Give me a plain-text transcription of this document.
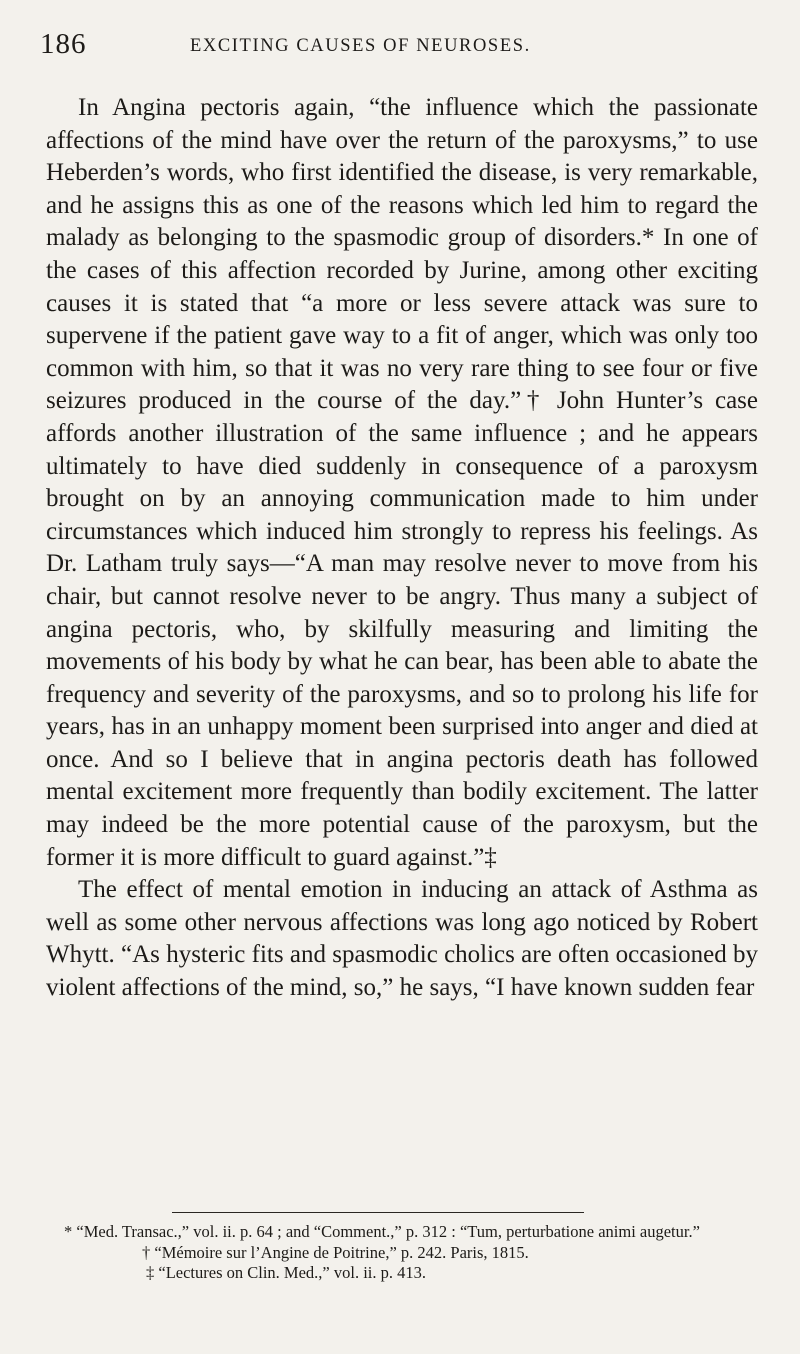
186	EXCITING CAUSES OF NEUROSES.

In Angina pectoris again, “the influence which the passionate affections of the mind have over the return of the paroxysms,” to use Heberden’s words, who first identified the disease, is very remarkable, and he assigns this as one of the reasons which led him to regard the malady as belonging to the spasmodic group of disorders.* In one of the cases of this affection recorded by Jurine, among other exciting causes it is stated that “a more or less severe attack was sure to supervene if the patient gave way to a fit of anger, which was only too common with him, so that it was no very rare thing to see four or five seizures produced in the course of the day.”† John Hunter’s case affords another illustration of the same influence ; and he appears ultimately to have died suddenly in consequence of a paroxysm brought on by an annoying communication made to him under circumstances which induced him strongly to repress his feelings. As Dr. Latham truly says—“A man may resolve never to move from his chair, but cannot resolve never to be angry. Thus many a subject of angina pectoris, who, by skilfully measuring and limiting the movements of his body by what he can bear, has been able to abate the frequency and severity of the paroxysms, and so to prolong his life for years, has in an unhappy moment been surprised into anger and died at once. And so I believe that in angina pectoris death has followed mental excitement more frequently than bodily excitement. The latter may indeed be the more potential cause of the paroxysm, but the former it is more difficult to guard against.”‡

The effect of mental emotion in inducing an attack of Asthma as well as some other nervous affections was long ago noticed by Robert Whytt. “As hysteric fits and spasmodic cholics are often occasioned by violent affections of the mind, so,” he says, “I have known sudden fear

* “Med. Transac.,” vol. ii. p. 64 ; and “Comment.,” p. 312 : “Tum, perturbatione animi augetur.”

† “Mémoire sur l’Angine de Poitrine,” p. 242. Paris, 1815.

‡ “Lectures on Clin. Med.,” vol. ii. p. 413.
